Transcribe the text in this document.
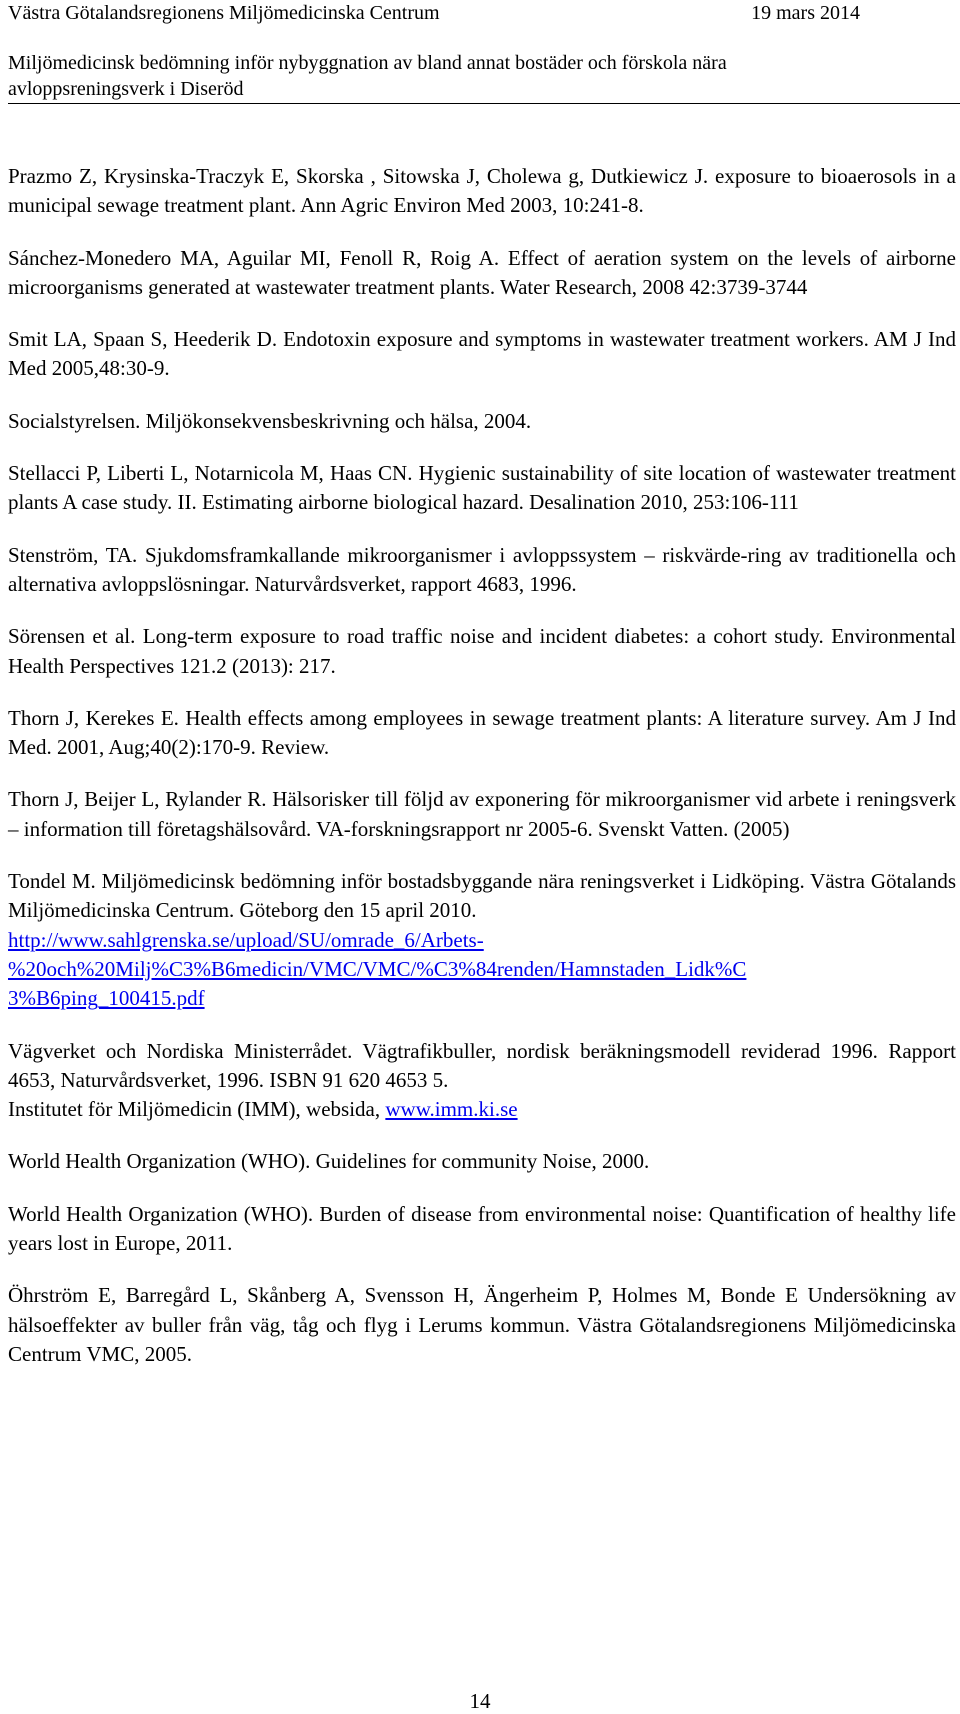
Västra Götalandsregionens Miljömedicinska Centrum	19 mars 2014
Miljömedicinsk bedömning inför nybyggnation av bland annat bostäder och förskola nära
avloppsreningsverk i Diseröd

Prazmo Z, Krysinska-Traczyk E, Skorska , Sitowska J, Cholewa g, Dutkiewicz J. exposure to bioaerosols in a municipal sewage treatment plant. Ann Agric Environ Med 2003, 10:241-8.

Sánchez-Monedero MA, Aguilar MI, Fenoll R, Roig A. Effect of aeration system on the levels of airborne microorganisms generated at wastewater treatment plants. Water Research, 2008 42:3739-3744

Smit LA, Spaan S, Heederik D. Endotoxin exposure and symptoms in wastewater treatment workers. AM J Ind Med 2005,48:30-9.

Socialstyrelsen. Miljökonsekvensbeskrivning och hälsa, 2004.

Stellacci P, Liberti L, Notarnicola M, Haas CN. Hygienic sustainability of site location of wastewater treatment plants A case study. II. Estimating airborne biological hazard. Desalination 2010, 253:106-111

Stenström, TA. Sjukdomsframkallande mikroorganismer i avloppssystem – riskvärde-ring av traditionella och alternativa avloppslösningar. Naturvårdsverket, rapport 4683, 1996.

Sörensen et al. Long-term exposure to road traffic noise and incident diabetes: a cohort study. Environmental Health Perspectives 121.2 (2013): 217.

Thorn J, Kerekes E. Health effects among employees in sewage treatment plants: A literature survey. Am J Ind Med. 2001, Aug;40(2):170-9. Review.

Thorn J, Beijer L, Rylander R. Hälsorisker till följd av exponering för mikroorganismer vid arbete i reningsverk – information till företagshälsovård. VA-forskningsrapport nr 2005-6. Svenskt Vatten. (2005)

Tondel M. Miljömedicinsk bedömning inför bostadsbyggande nära reningsverket i Lidköping. Västra Götalands Miljömedicinska Centrum. Göteborg den 15 april 2010.
http://www.sahlgrenska.se/upload/SU/omrade_6/Arbets-
%20och%20Milj%C3%B6medicin/VMC/VMC/%C3%84renden/Hamnstaden_Lidk%C
3%B6ping_100415.pdf

Vägverket och Nordiska Ministerrådet. Vägtrafikbuller, nordisk beräkningsmodell reviderad 1996. Rapport 4653, Naturvårdsverket, 1996. ISBN 91 620 4653 5.

Institutet för Miljömedicin (IMM), websida, www.imm.ki.se

World Health Organization (WHO). Guidelines for community Noise, 2000.

World Health Organization (WHO). Burden of disease from environmental noise: Quantification of healthy life years lost in Europe, 2011.

Öhrström E, Barregård L, Skånberg A, Svensson H, Ängerheim P, Holmes M, Bonde E Undersökning av hälsoeffekter av buller från väg, tåg och flyg i Lerums kommun. Västra Götalandsregionens Miljömedicinska Centrum VMC, 2005.

14
